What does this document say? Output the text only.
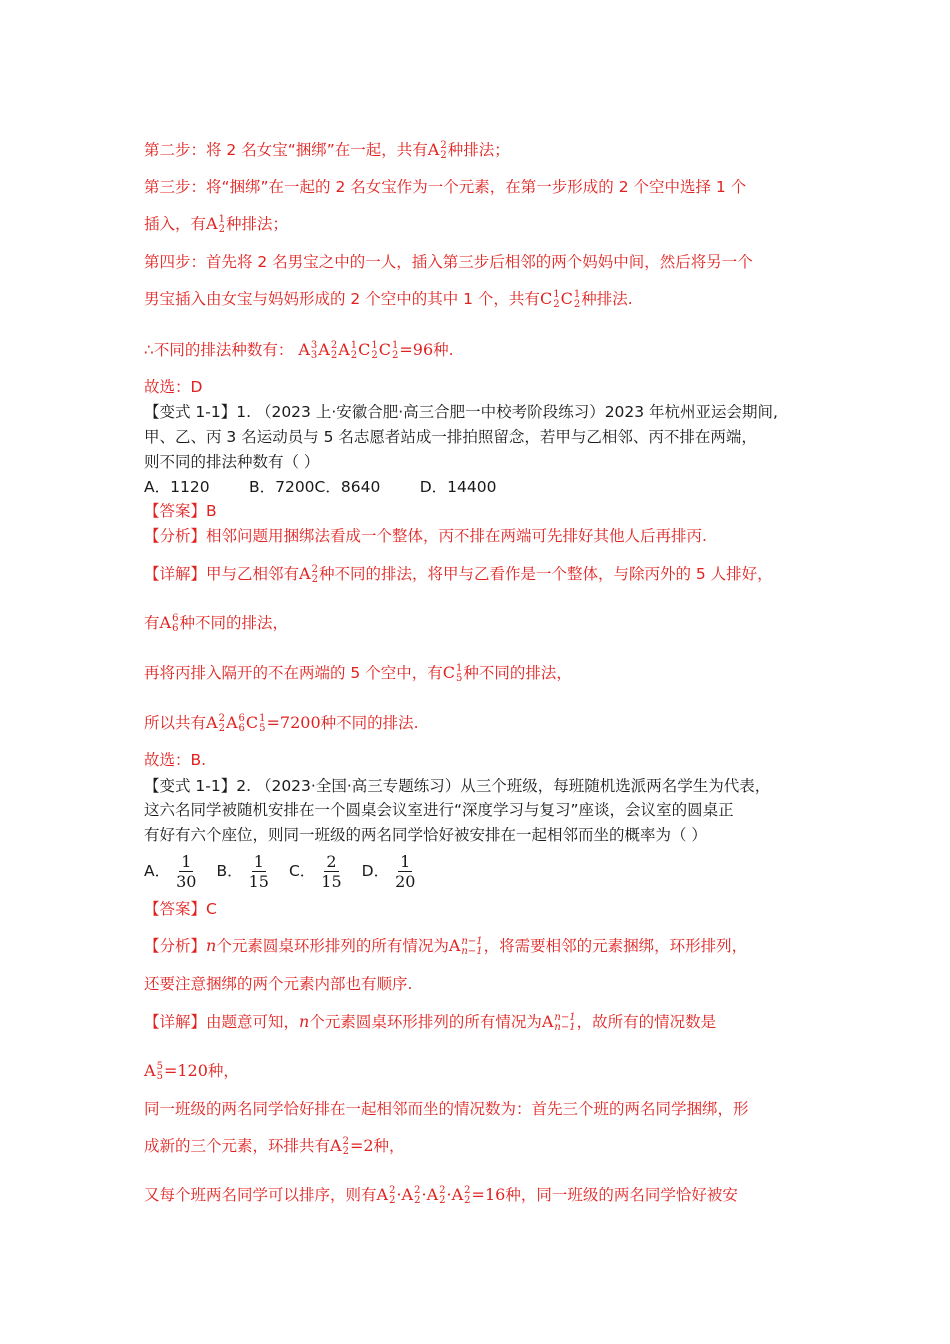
第二步：将 2 名女宝“捆绑”在一起，共有A 2
2 种排法；
第三步：将“捆绑”在一起的 2 名女宝作为一个元素，在第一步形成的 2 个空中选择 1 个
插入，有A 1
2 种排法；
第四步：首先将 2 名男宝之中的一人，插入第三步后相邻的两个妈妈中间，然后将另一个
男宝插入由女宝与妈妈形成的 2 个空中的其中 1 个，共有C 1
2 C 1
2 种排法.
∴不同的排法种数有： A 3
3 A 2
2 A 1
2 C 1
2 C 1
2 =96种.
故选：D
【变式 1-1】1. （2023 上·安徽合肥·高三合肥一中校考阶段练习）2023 年杭州亚运会期间,
甲、乙、丙 3 名运动员与 5 名志愿者站成一排拍照留念，若甲与乙相邻、丙不排在两端，
则不同的排法种数有（ ）
A．1120        B．7200C．8640        D．14400
【答案】B
【分析】相邻问题用捆绑法看成一个整体，丙不排在两端可先排好其他人后再排丙.
【详解】甲与乙相邻有A 2
2 种不同的排法，将甲与乙看作是一个整体，与除丙外的 5 人排好，
有A 6
6 种不同的排法，
再将丙排入隔开的不在两端的 5 个空中，有C 1
5 种不同的排法，
所以共有A 2
2 A 6
6 C 1
5 =7200种不同的排法.
故选：B.
【变式 1-1】2. （2023·全国·高三专题练习）从三个班级，每班随机选派两名学生为代表，
这六名同学被随机安排在一个圆桌会议室进行“深度学习与复习”座谈，会议室的圆桌正
有好有六个座位，则同一班级的两名同学恰好被安排在一起相邻而坐的概率为（ ）
A． $\frac{1}{30}$ B． $\frac{1}{15}$ C． $\frac{2}{15}$ D． $\frac{1}{20}$
【答案】C
【分析】n个元素圆桌环形排列的所有情况为A n−1
n−1 ，将需要相邻的元素捆绑，环形排列，
还要注意捆绑的两个元素内部也有顺序.
【详解】由题意可知，n个元素圆桌环形排列的所有情况为A n−1
n−1 ，故所有的情况数是
A 5
5 =120种，
同一班级的两名同学恰好排在一起相邻而坐的情况数为：首先三个班的两名同学捆绑，形
成新的三个元素，环排共有A 2
2 =2种，
又每个班两名同学可以排序，则有A 2
2 ·A 2
2 ·A 2
2 ·A 2
2 =16种，同一班级的两名同学恰好被安
